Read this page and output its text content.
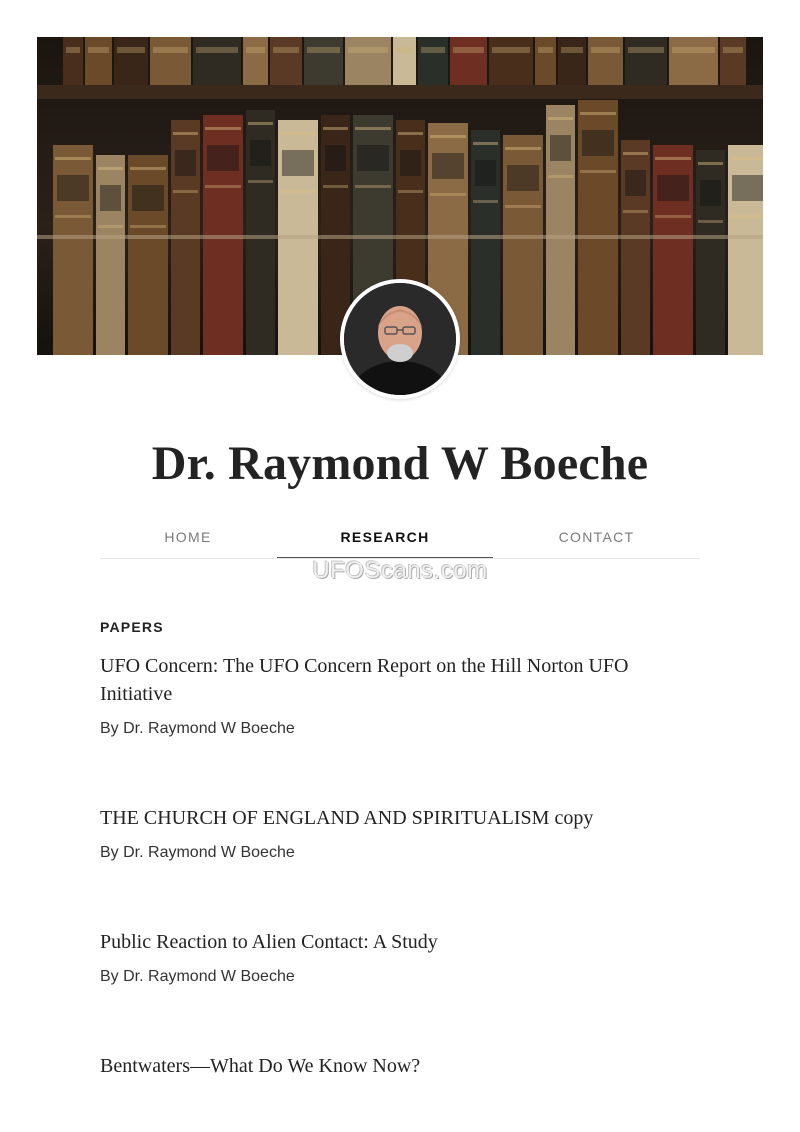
Dr. Raymond W Boeche
HOME	RESEARCH	CONTACT
UFOScans.com
PAPERS

UFO Concern: The UFO Concern Report on the Hill Norton UFO Initiative

By Dr. Raymond W Boeche

THE CHURCH OF ENGLAND AND SPIRITUALISM copy

By Dr. Raymond W Boeche

Public Reaction to Alien Contact: A Study

By Dr. Raymond W Boeche

Bentwaters—What Do We Know Now?
